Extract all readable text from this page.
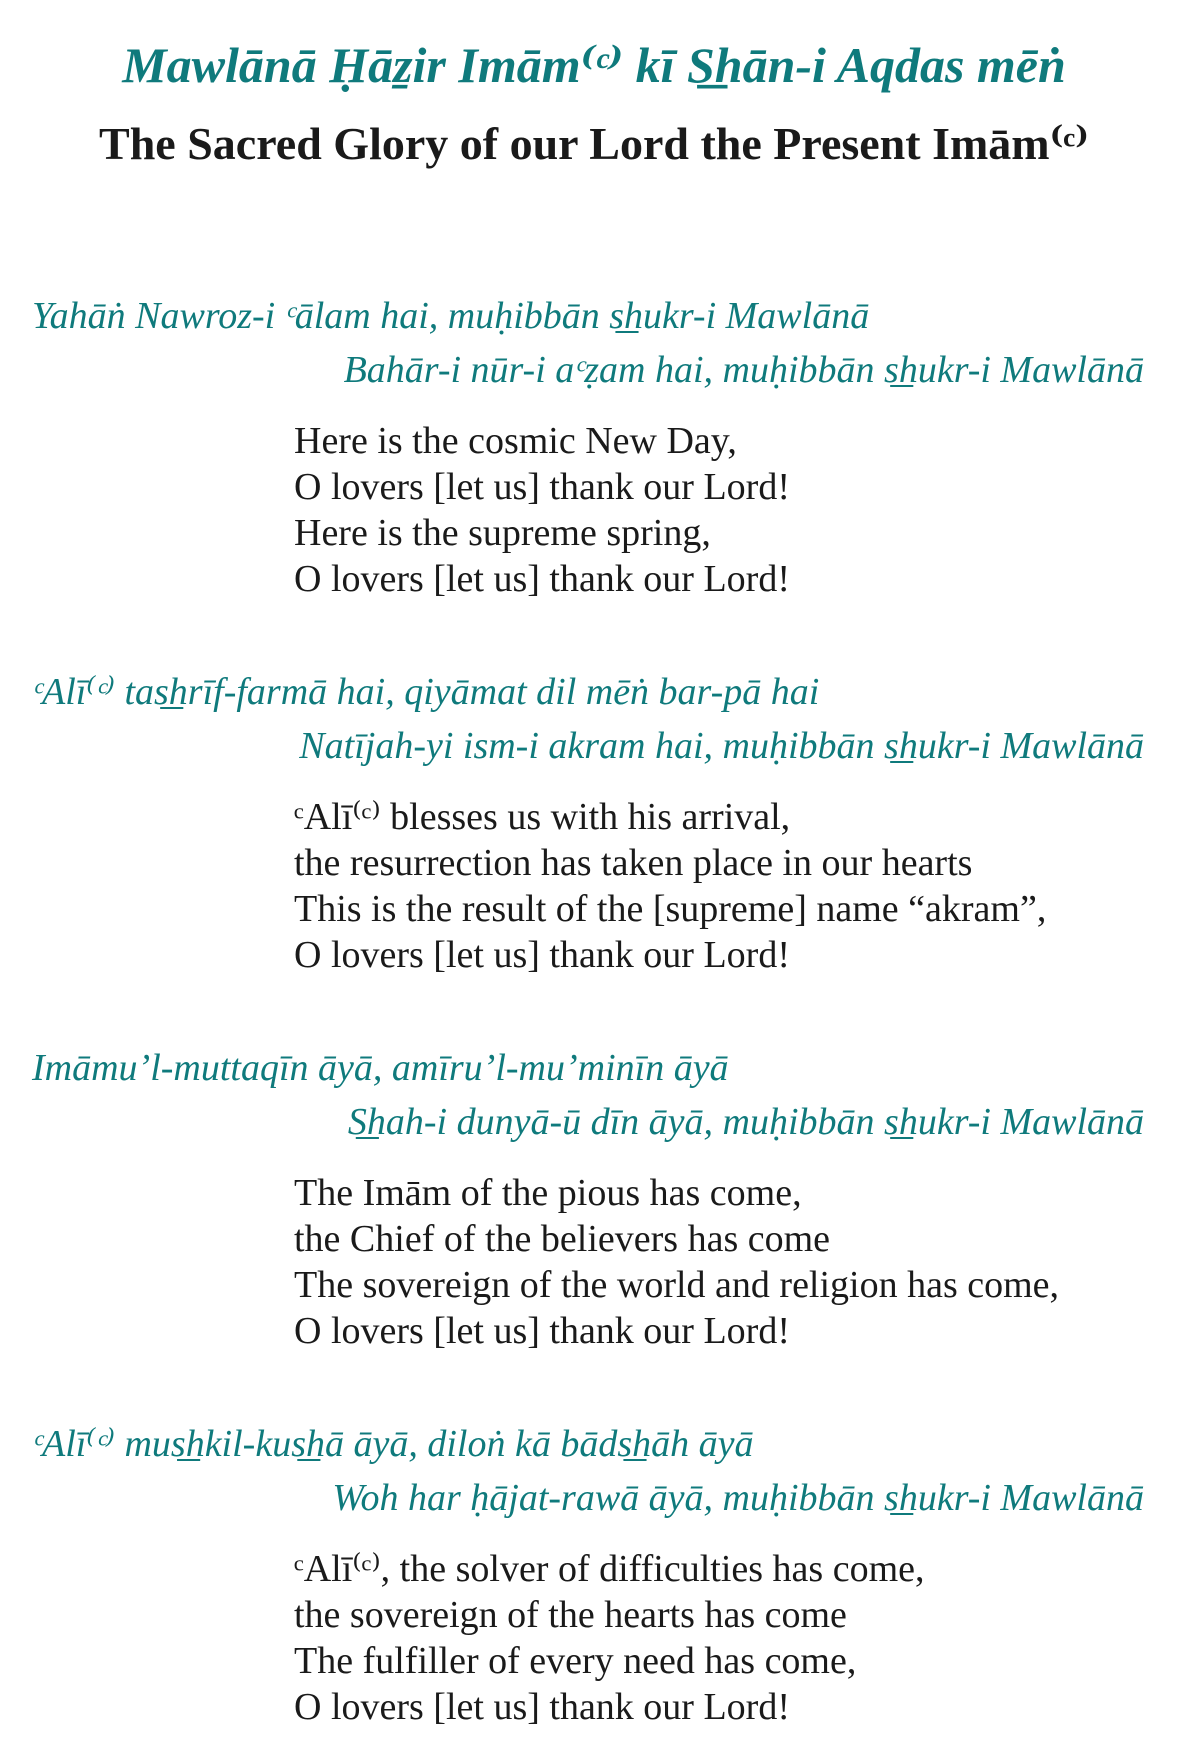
Mawlānā Ḥāẕir Imām⁽ᶜ⁾ kī S͟hān-i Aqdas mēṅ
The Sacred Glory of our Lord the Present Imām⁽ᶜ⁾
Yahāṅ Nawroz-i ᶜālam hai, muḥibbān s͟hukr-i Mawlānā
Bahār-i nūr-i aᶜẓam hai, muḥibbān s͟hukr-i Mawlānā
Here is the cosmic New Day,
O lovers [let us] thank our Lord!
Here is the supreme spring,
O lovers [let us] thank our Lord!
ᶜAlī⁽ᶜ⁾ tas͟hrīf-farmā hai, qiyāmat dil mēṅ bar-pā hai
Natījah-yi ism-i akram hai, muḥibbān s͟hukr-i Mawlānā
ᶜAlī⁽ᶜ⁾ blesses us with his arrival,
the resurrection has taken place in our hearts
This is the result of the [supreme] name “akram”,
O lovers [let us] thank our Lord!
Imāmu’l-muttaqīn āyā, amīru’l-mu’minīn āyā
S͟hah-i dunyā-ū dīn āyā, muḥibbān s͟hukr-i Mawlānā
The Imām of the pious has come,
the Chief of the believers has come
The sovereign of the world and religion has come,
O lovers [let us] thank our Lord!
ᶜAlī⁽ᶜ⁾ mus͟hkil-kus͟hā āyā, diloṅ kā bāds͟hāh āyā
Woh har ḥājat-rawā āyā, muḥibbān s͟hukr-i Mawlānā
ᶜAlī⁽ᶜ⁾, the solver of difficulties has come,
the sovereign of the hearts has come
The fulfiller of every need has come,
O lovers [let us] thank our Lord!
